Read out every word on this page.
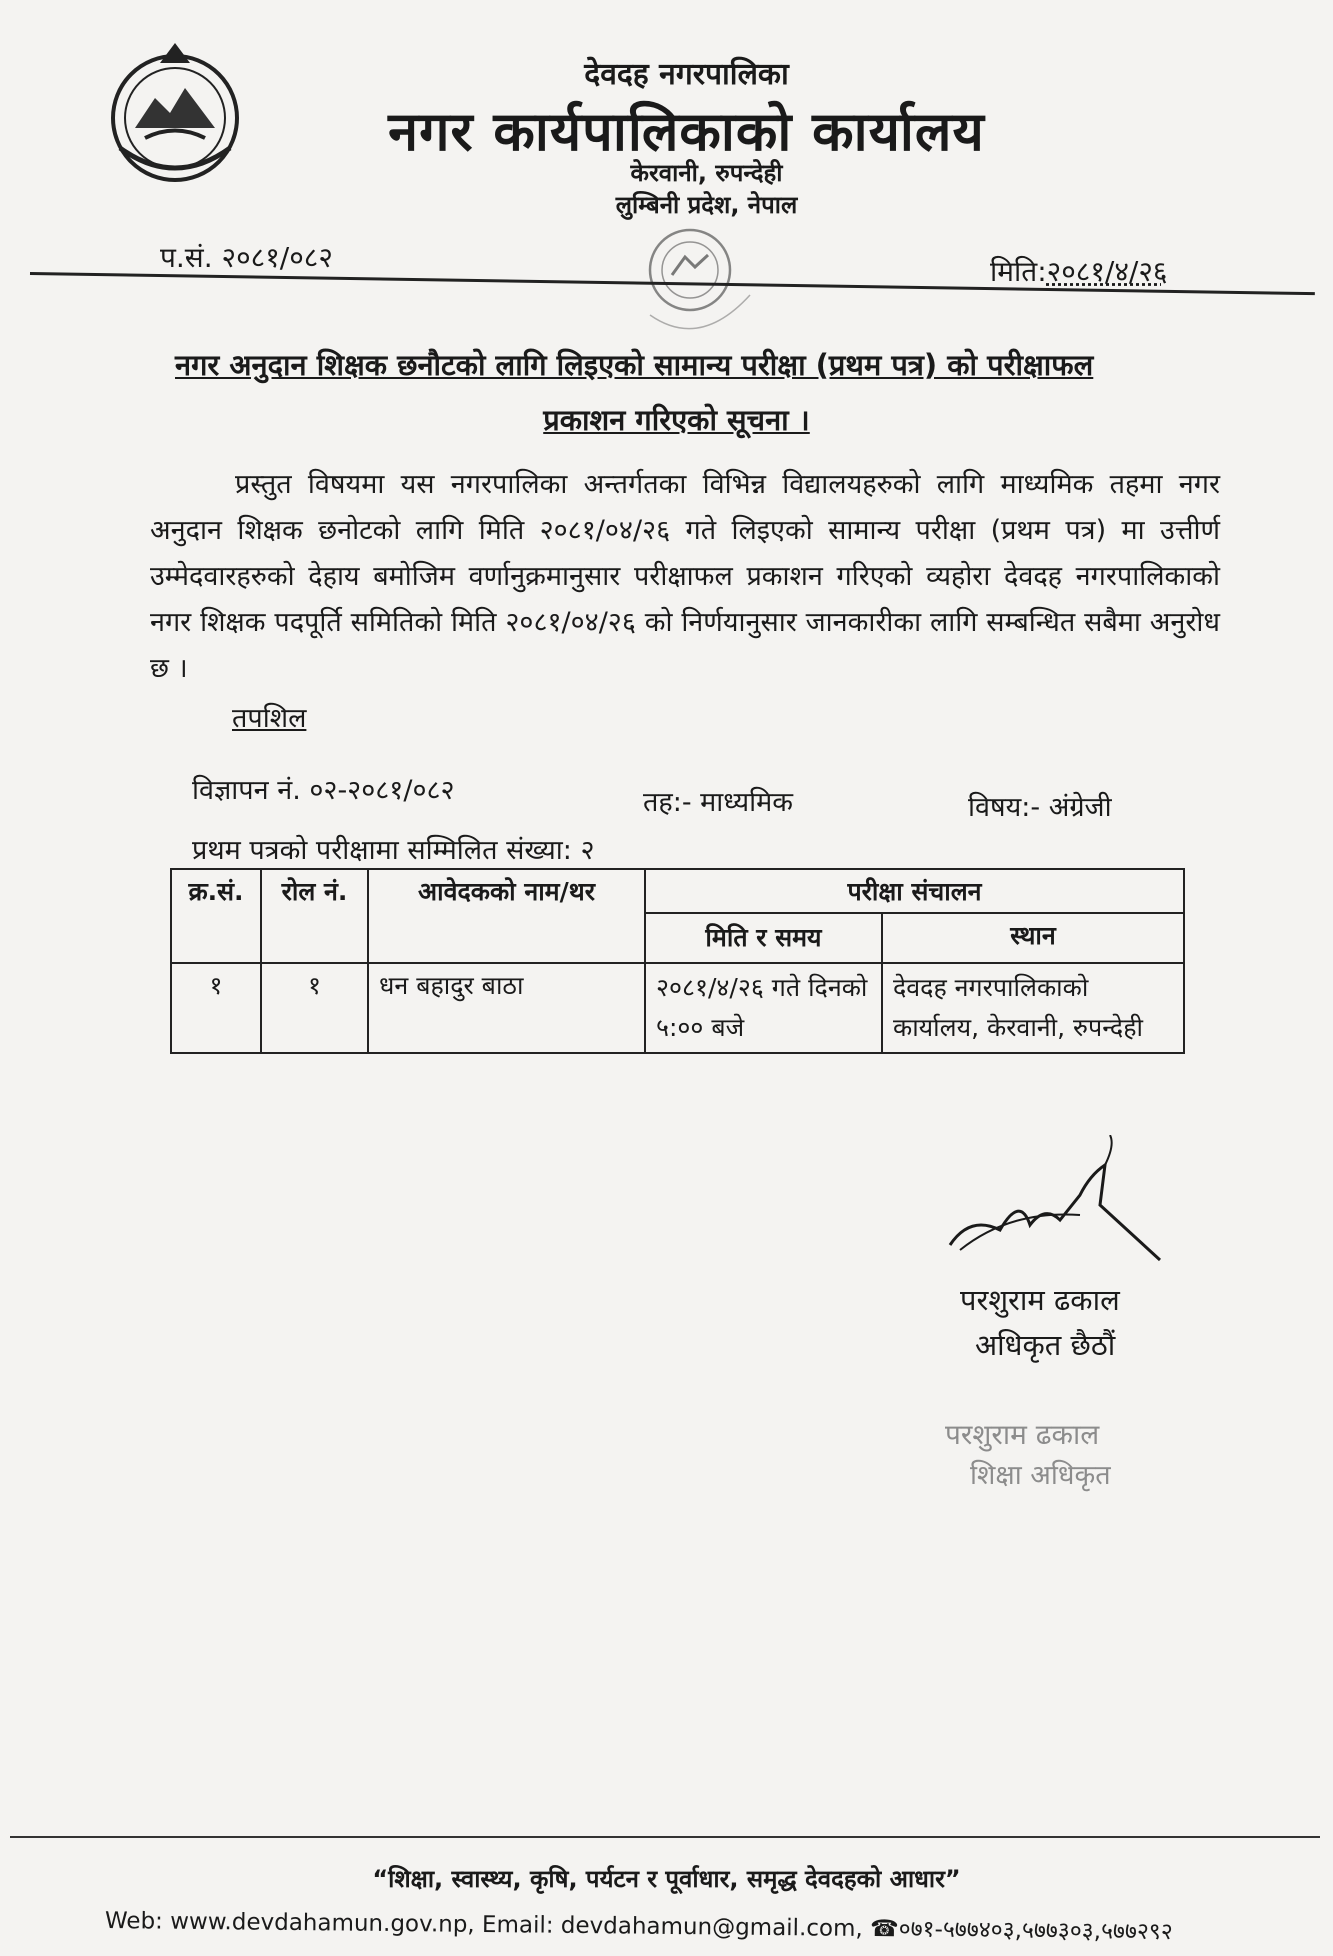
देवदह नगरपालिका
नगर कार्यपालिकाको कार्यालय
केरवानी, रुपन्देही
लुम्बिनी प्रदेश, नेपाल
प.सं. २०८१/०८२	मिति:२०८१/४/२६
नगर अनुदान शिक्षक छनौटको लागि लिइएको सामान्य परीक्षा (प्रथम पत्र) को परीक्षाफल
प्रकाशन गरिएको सूचना ।
प्रस्तुत विषयमा यस नगरपालिका अन्तर्गतका विभिन्न विद्यालयहरुको लागि माध्यमिक तहमा नगर अनुदान शिक्षक छनोटको लागि मिति २०८१/०४/२६ गते लिइएको सामान्य परीक्षा (प्रथम पत्र) मा उत्तीर्ण उम्मेदवारहरुको देहाय बमोजिम वर्णानुक्रमानुसार परीक्षाफल प्रकाशन गरिएको व्यहोरा देवदह नगरपालिकाको नगर शिक्षक पदपूर्ति समितिको मिति २०८१/०४/२६ को निर्णयानुसार जानकारीका लागि सम्बन्धित सबैमा अनुरोध छ ।
तपशिल
विज्ञापन नं. ०२-२०८१/०८२	तह:- माध्यमिक	विषय:- अंग्रेजी
प्रथम पत्रको परीक्षामा सम्मिलित संख्या: २
क्र.सं.	रोल नं.	आवेदकको नाम/थर	परीक्षा संचालन	
			मिति र समय	स्थान
१	१	धन बहादुर बाठा	२०८१/४/२६ गते दिनको ५:०० बजे	देवदह नगरपालिकाको कार्यालय, केरवानी, रुपन्देही
परशुराम ढकाल
अधिकृत छैठौं
परशुराम ढकाल
शिक्षा अधिकृत
“शिक्षा, स्वास्थ्य, कृषि, पर्यटन र पूर्वाधार, समृद्ध देवदहको आधार”
Web: www.devdahamun.gov.np, Email: devdahamun@gmail.com, ☎०७१-५७७४०३,५७७३०३,५७७२९२
